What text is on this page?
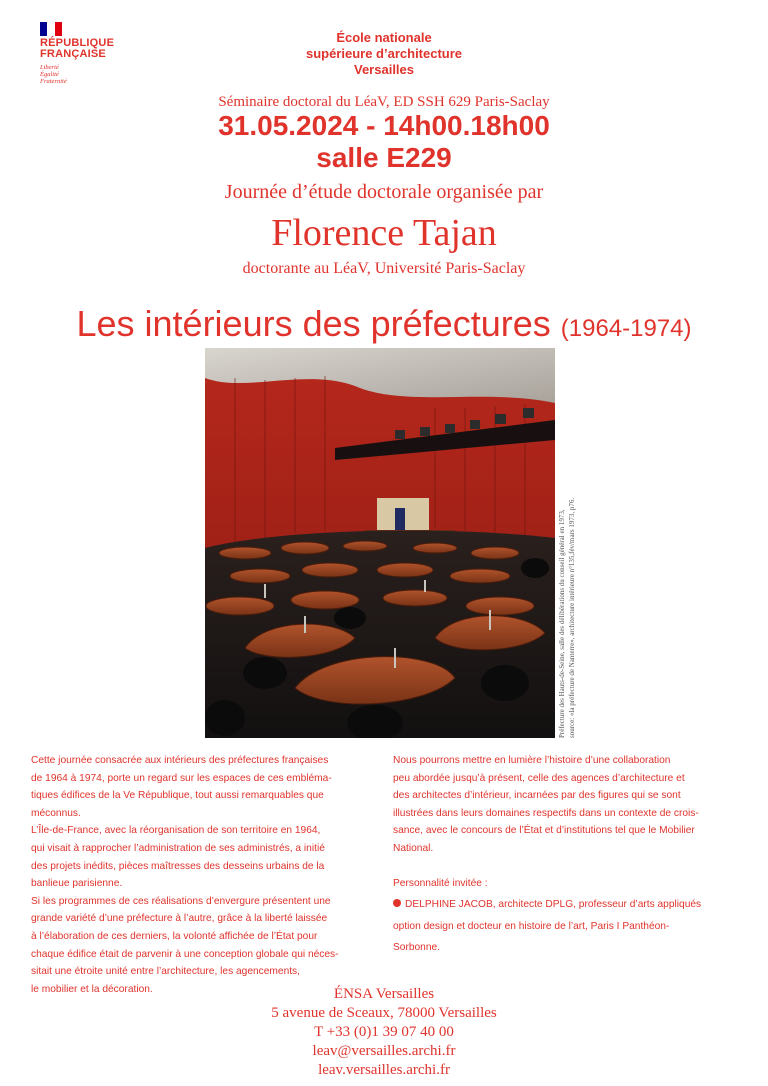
RÉPUBLIQUE
FRANÇAISE
Liberté
Égalité
Fraternité
École nationale
supérieure d’architecture
Versailles
Séminaire doctoral du LéaV, ED SSH 629 Paris-Saclay
31.05.2024 - 14h00.18h00
salle E229
Journée d’étude doctorale organisée par
Florence Tajan
doctorante au LéaV, Université Paris-Saclay
Les intérieurs des préfectures (1964-1974)
Préfecture des Hauts-de-Seine, salle des délibérations du conseil général en 1973, source: «la préfecture de Nanterre», architecture intérieure n°135,fév/mars 1973, p76.

Cette journée consacrée aux intérieurs des préfectures françaises

de 1964 à 1974, porte un regard sur les espaces de ces emblémа-

tiques édifices de la Ve République, tout aussi remarquables que

méconnus.

L’Île-de-France, avec la réorganisation de son territoire en 1964,

qui visait à rapprocher l’administration de ses administrés, a initié

des projets inédits, pièces maîtresses des desseins urbains de la

banlieue parisienne.

Si les programmes de ces réalisations d’envergure présentent une

grande variété d’une préfecture à l’autre, grâce à la liberté laissée

à l’élaboration de ces derniers, la volonté affichée de l’État pour

chaque édifice était de parvenir à une conception globale qui néces-

sitait une étroite unité entre l’architecture, les agencements,

le mobilier et la décoration.

Nous pourrons mettre en lumière l’histoire d’une collaboration

peu abordée jusqu’à présent, celle des agences d’architecture et

des architectes d’intérieur, incarnées par des figures qui se sont

illustrées dans leurs domaines respectifs dans un contexte de crois-

sance, avec le concours de l’État et d’institutions tel que le Mobilier

National.

Personnalité invitée :

DELPHINE JACOB, architecte DPLG, professeur d’arts appliqués

option design et docteur en histoire de l’art, Paris I Panthéon-

Sorbonne.

ÉNSA Versailles
5 avenue de Sceaux, 78000 Versailles
T +33 (0)1 39 07 40 00
leav@versailles.archi.fr
leav.versailles.archi.fr
